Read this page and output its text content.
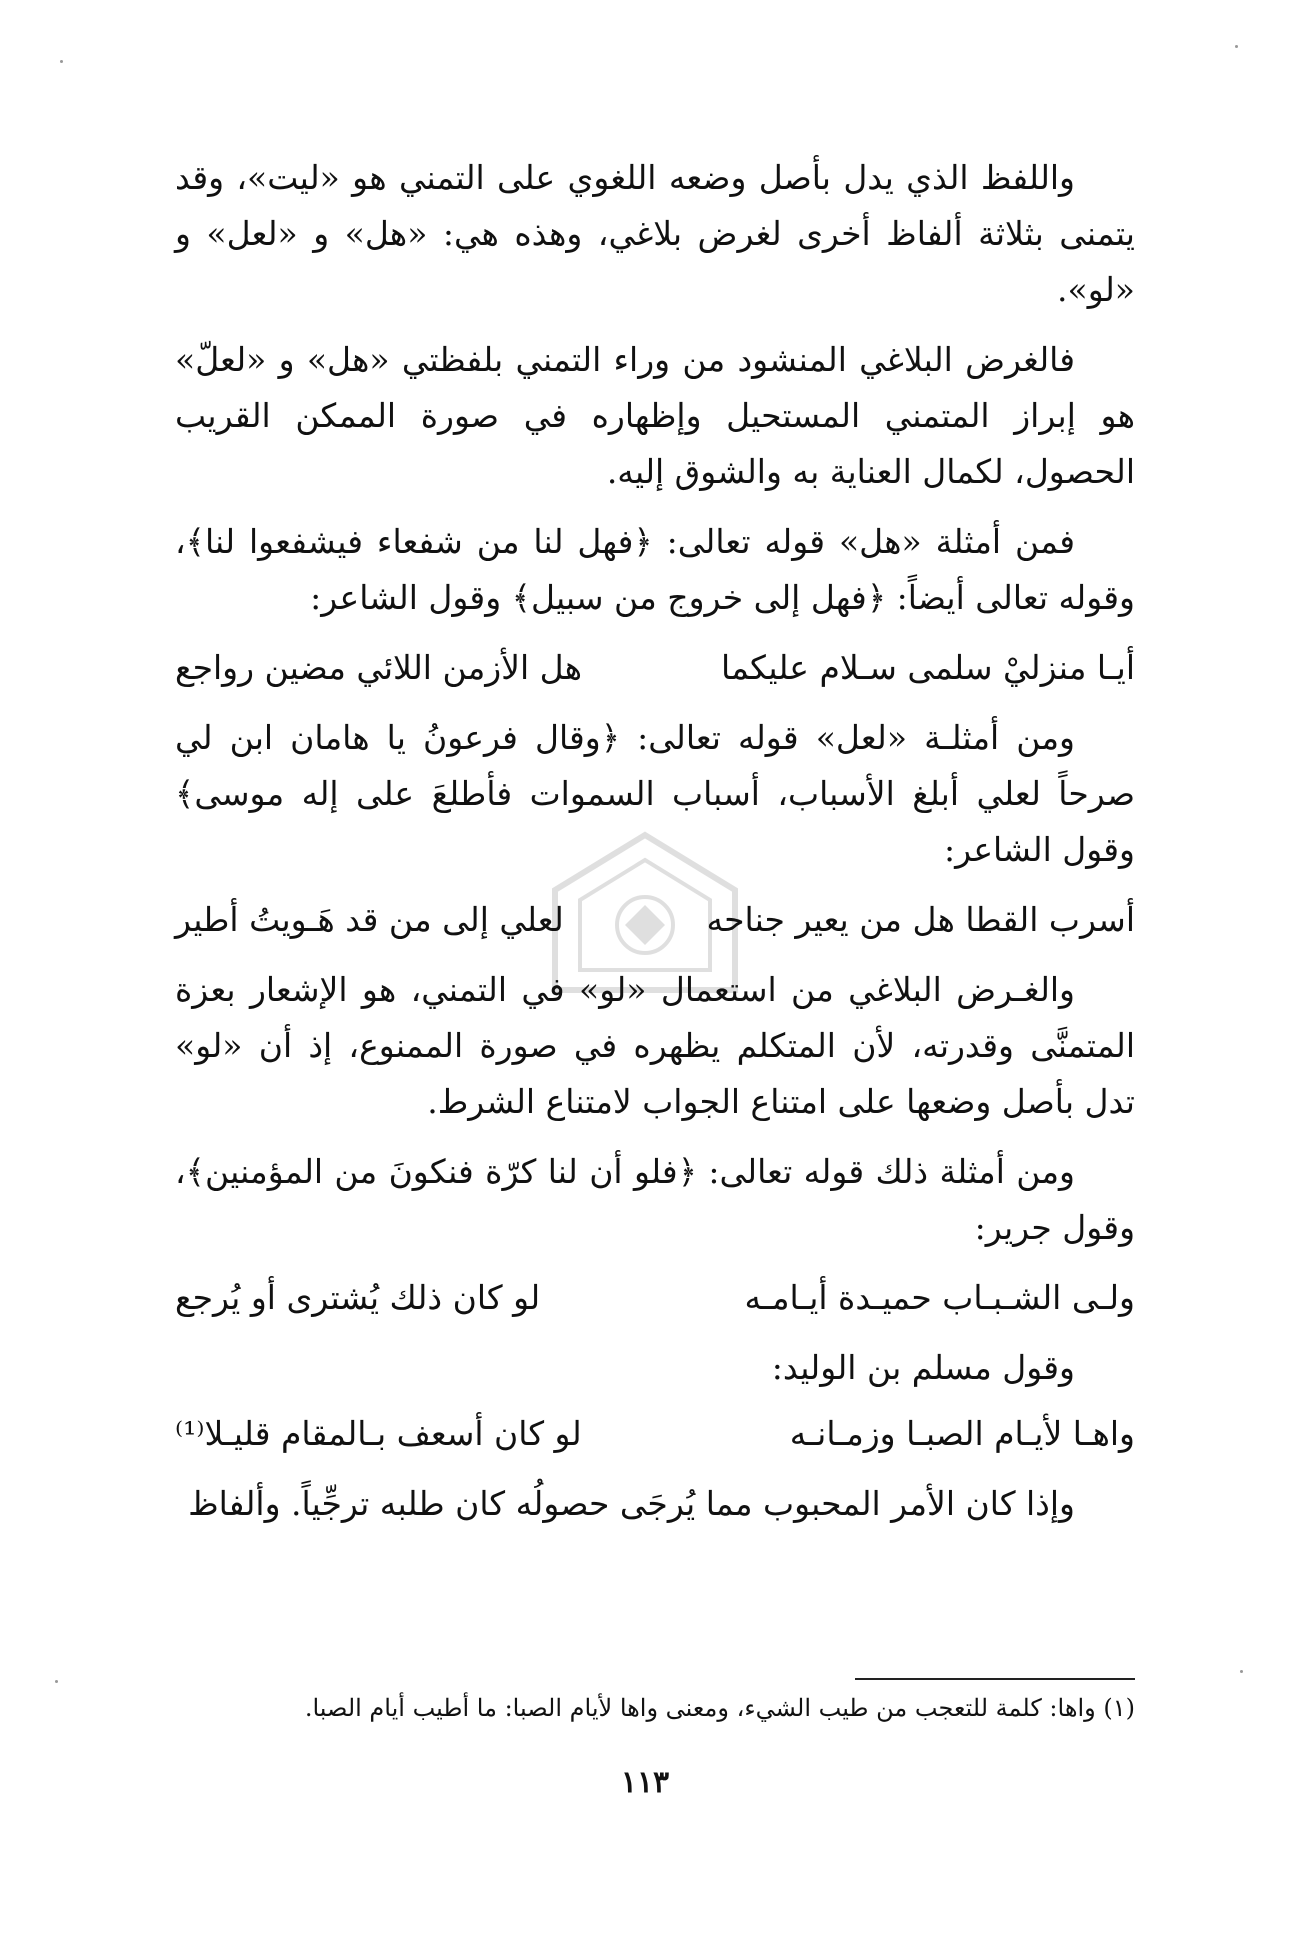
واللفظ الذي يدل بأصل وضعه اللغوي على التمني هو «ليت»، وقد يتمنى بثلاثة ألفاظ أخرى لغرض بلاغي، وهذه هي: «هل» و «لعل» و «لو».

فالغرض البلاغي المنشود من وراء التمني بلفظتي «هل» و «لعلّ» هو إبراز المتمني المستحيل وإظهاره في صورة الممكن القريب الحصول، لكمال العناية به والشوق إليه.

فمن أمثلة «هل» قوله تعالى: ﴿فهل لنا من شفعاء فيشفعوا لنا﴾، وقوله تعالى أيضاً: ﴿فهل إلى خروج من سبيل﴾ وقول الشاعر:

أيـا منزليْ سلمى سـلام عليكما
هل الأزمن اللائي مضين رواجع

ومن أمثلـة «لعل» قوله تعالى: ﴿وقال فرعونُ يا هامان ابن لي صرحاً لعلي أبلغ الأسباب، أسباب السموات فأطلعَ على إله موسى﴾ وقول الشاعر:

أسرب القطا هل من يعير جناحه
لعلي إلى من قد هَـويتُ أطير

والغـرض البلاغي من استعمال «لو» في التمني، هو الإشعار بعزة المتمنَّى وقدرته، لأن المتكلم يظهره في صورة الممنوع، إذ أن «لو» تدل بأصل وضعها على امتناع الجواب لامتناع الشرط.

ومن أمثلة ذلك قوله تعالى: ﴿فلو أن لنا كرّة فنكونَ من المؤمنين﴾، وقول جرير:

ولـى الشـبـاب حميـدة أيـامـه
لو كان ذلك يُشترى أو يُرجع

وقول مسلم بن الوليد:

واهـا لأيـام الصبـا وزمـانـه
لو كان أسعف بـالمقام قليـلا⁽¹⁾

وإذا كان الأمر المحبوب مما يُرجَى حصولُه كان طلبه ترجِّياً. وألفاظ

(١) واها: كلمة للتعجب من طيب الشيء، ومعنى واها لأيام الصبا: ما أطيب أيام الصبا.
١١٣
